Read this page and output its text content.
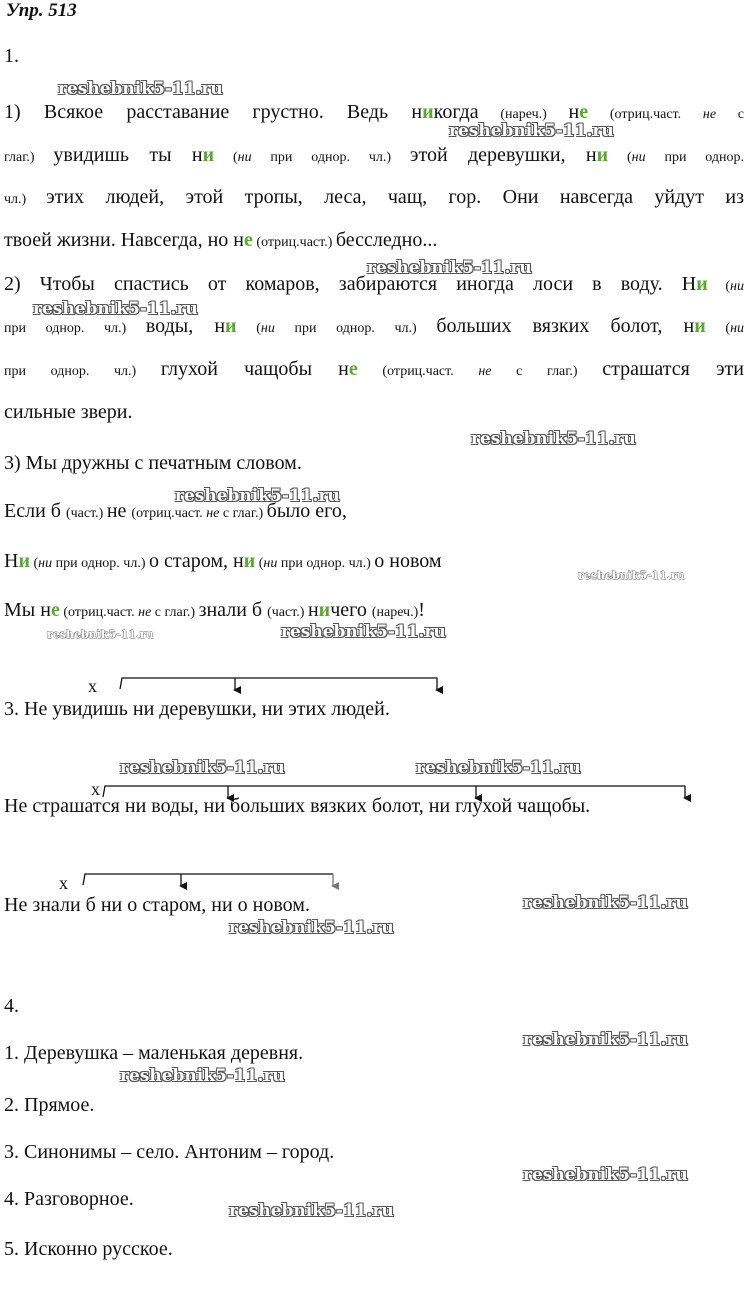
Упр. 513
1.
1) Всякое расставание грустно. Ведь никогда (нареч.) не (отриц.част. не с
глаг.) увидишь ты ни (ни при однор. чл.) этой деревушки, ни (ни при однор.
чл.) этих людей, этой тропы, леса, чащ, гор. Они навсегда уйдут из
твоей жизни. Навсегда, но не (отриц.част.) бесследно...
2) Чтобы спастись от комаров, забираются иногда лоси в воду. Ни (ни
при однор. чл.) воды, ни (ни при однор. чл.) больших вязких болот, ни (ни
при однор. чл.) глухой чащобы не (отриц.част. не с глаг.) страшатся эти
сильные звери.
3) Мы дружны с печатным словом.
Если б (част.) не (отриц.част. не с глаг.) было его,
Ни (ни при однор. чл.) о старом, ни (ни при однор. чл.) о новом
Мы не (отриц.част. не с глаг.) знали б (част.) ничего (нареч.)!
х
3. Не увидишь ни деревушки, ни этих людей.
х
Не страшатся ни воды, ни больших вязких болот, ни глухой чащобы.
х
Не знали б ни о старом, ни о новом.
4.
1. Деревушка – маленькая деревня.
2. Прямое.
3. Синонимы – село. Антоним – город.
4. Разговорное.
5. Исконно русское.
reshebnik5-11.ru
reshebnik5-11.ru
reshebnik5-11.ru
reshebnik5-11.ru
reshebnik5-11.ru
reshebnik5-11.ru
reshebnik5-11.ru
reshebnik5-11.ru
reshebnik5-11.ru
reshebnik5-11.ru	reshebnik5-11.ru
reshebnik5-11.ru
reshebnik5-11.ru
reshebnik5-11.ru
reshebnik5-11.ru
reshebnik5-11.ru
reshebnik5-11.ru
